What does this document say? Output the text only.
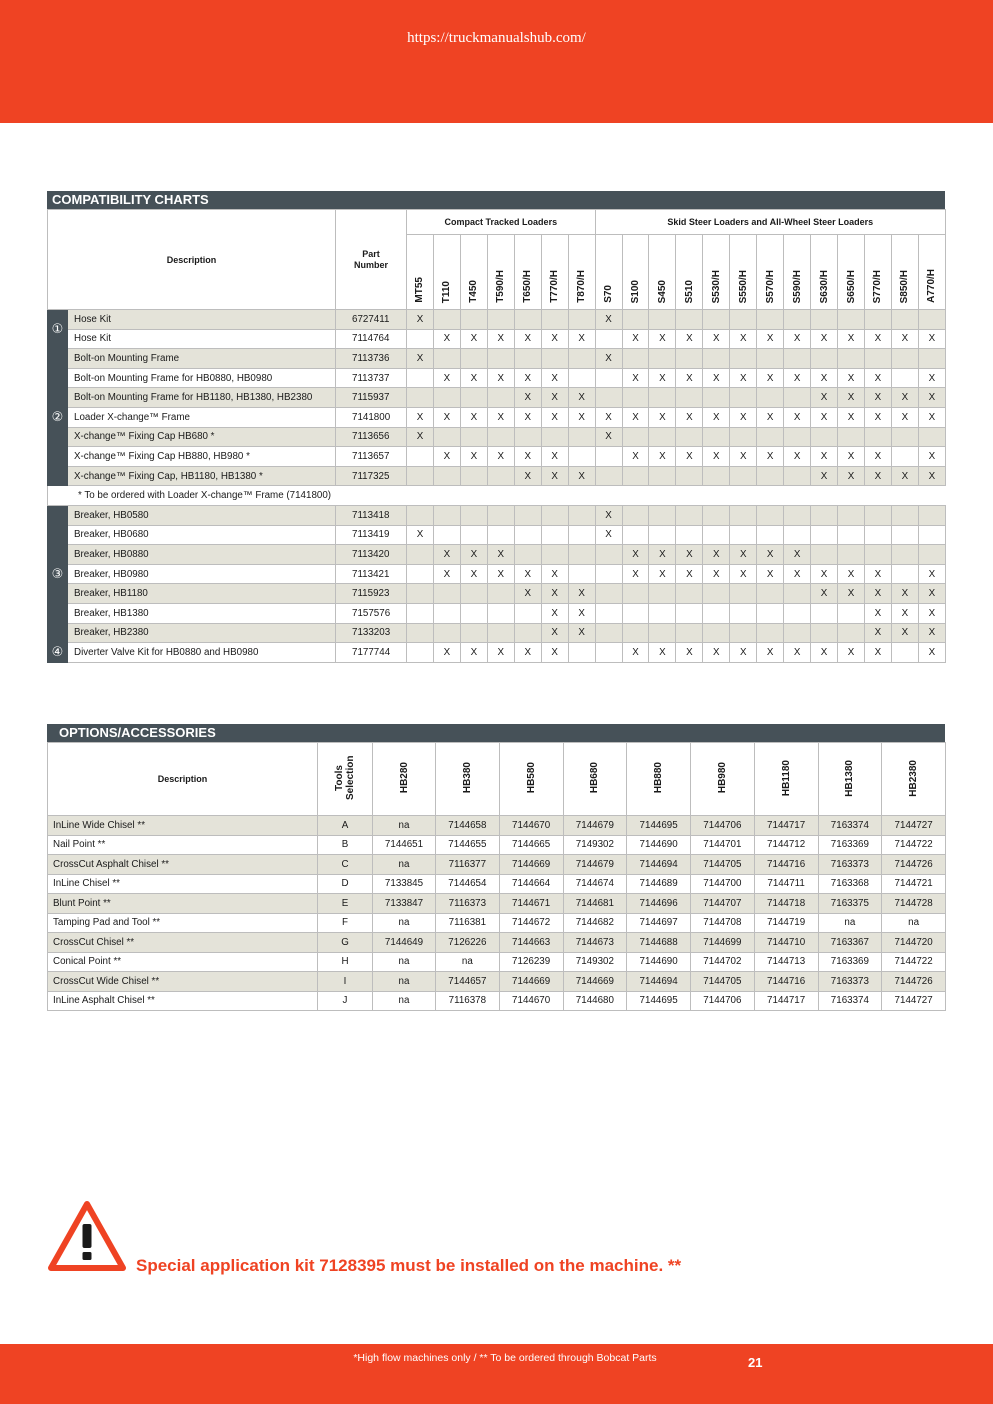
https://truckmanualshub.com/
COMPATIBILITY CHARTS
Description		Part Number	Compact Tracked Loaders							Skid Steer Loaders and All-Wheel Steer Loaders												
			MT55	T110	T450	T590/H	T650/H	T770/H	T870/H	S70	S100	S450	S510	S530/H	S550/H	S570/H	S590/H	S630/H	S650/H	S770/H	S850/H	A770/H
①	Hose Kit	6727411	X							X												
	Hose Kit	7114764		X	X	X	X	X	X		X	X	X	X	X	X	X	X	X	X	X	X
②	Bolt-on Mounting Frame	7113736	X							X												
	Bolt-on Mounting Frame for HB0880, HB0980	7113737		X	X	X	X	X			X	X	X	X	X	X	X	X	X	X		X
	Bolt-on Mounting Frame for HB1180, HB1380, HB2380	7115937					X	X	X									X	X	X	X	X
	Loader X-change™ Frame	7141800	X	X	X	X	X	X	X	X	X	X	X	X	X	X	X	X	X	X	X	X
	X-change™ Fixing Cap HB680 *	7113656	X							X												
	X-change™ Fixing Cap HB880, HB980 *	7113657		X	X	X	X	X			X	X	X	X	X	X	X	X	X	X		X
	X-change™ Fixing Cap, HB1180, HB1380 *	7117325					X	X	X									X	X	X	X	X
* To be ordered with Loader X-change™ Frame (7141800)																						
③	Breaker, HB0580	7113418								X												
	Breaker, HB0680	7113419	X							X												
	Breaker, HB0880	7113420		X	X	X					X	X	X	X	X	X	X					
	Breaker, HB0980	7113421		X	X	X	X	X			X	X	X	X	X	X	X	X	X	X		X
	Breaker, HB1180	7115923					X	X	X									X	X	X	X	X
	Breaker, HB1380	7157576						X	X											X	X	X
	Breaker, HB2380	7133203						X	X											X	X	X
④	Diverter Valve Kit for HB0880 and HB0980	7177744		X	X	X	X	X			X	X	X	X	X	X	X	X	X	X		X
OPTIONS/ACCESSORIES
Description	Tools Selection	HB280	HB380	HB580	HB680	HB880	HB980	HB1180	HB1380	HB2380
InLine Wide Chisel **	A	na	7144658	7144670	7144679	7144695	7144706	7144717	7163374	7144727
Nail Point **	B	7144651	7144655	7144665	7149302	7144690	7144701	7144712	7163369	7144722
CrossCut Asphalt Chisel **	C	na	7116377	7144669	7144679	7144694	7144705	7144716	7163373	7144726
InLine Chisel **	D	7133845	7144654	7144664	7144674	7144689	7144700	7144711	7163368	7144721
Blunt Point **	E	7133847	7116373	7144671	7144681	7144696	7144707	7144718	7163375	7144728
Tamping Pad and Tool **	F	na	7116381	7144672	7144682	7144697	7144708	7144719	na	na
CrossCut Chisel **	G	7144649	7126226	7144663	7144673	7144688	7144699	7144710	7163367	7144720
Conical Point **	H	na	na	7126239	7149302	7144690	7144702	7144713	7163369	7144722
CrossCut Wide Chisel **	I	na	7144657	7144669	7144669	7144694	7144705	7144716	7163373	7144726
InLine Asphalt Chisel **	J	na	7116378	7144670	7144680	7144695	7144706	7144717	7163374	7144727
Special application kit 7128395 must be installed on the machine. **
*High flow machines only / ** To be ordered through Bobcat Parts	21
